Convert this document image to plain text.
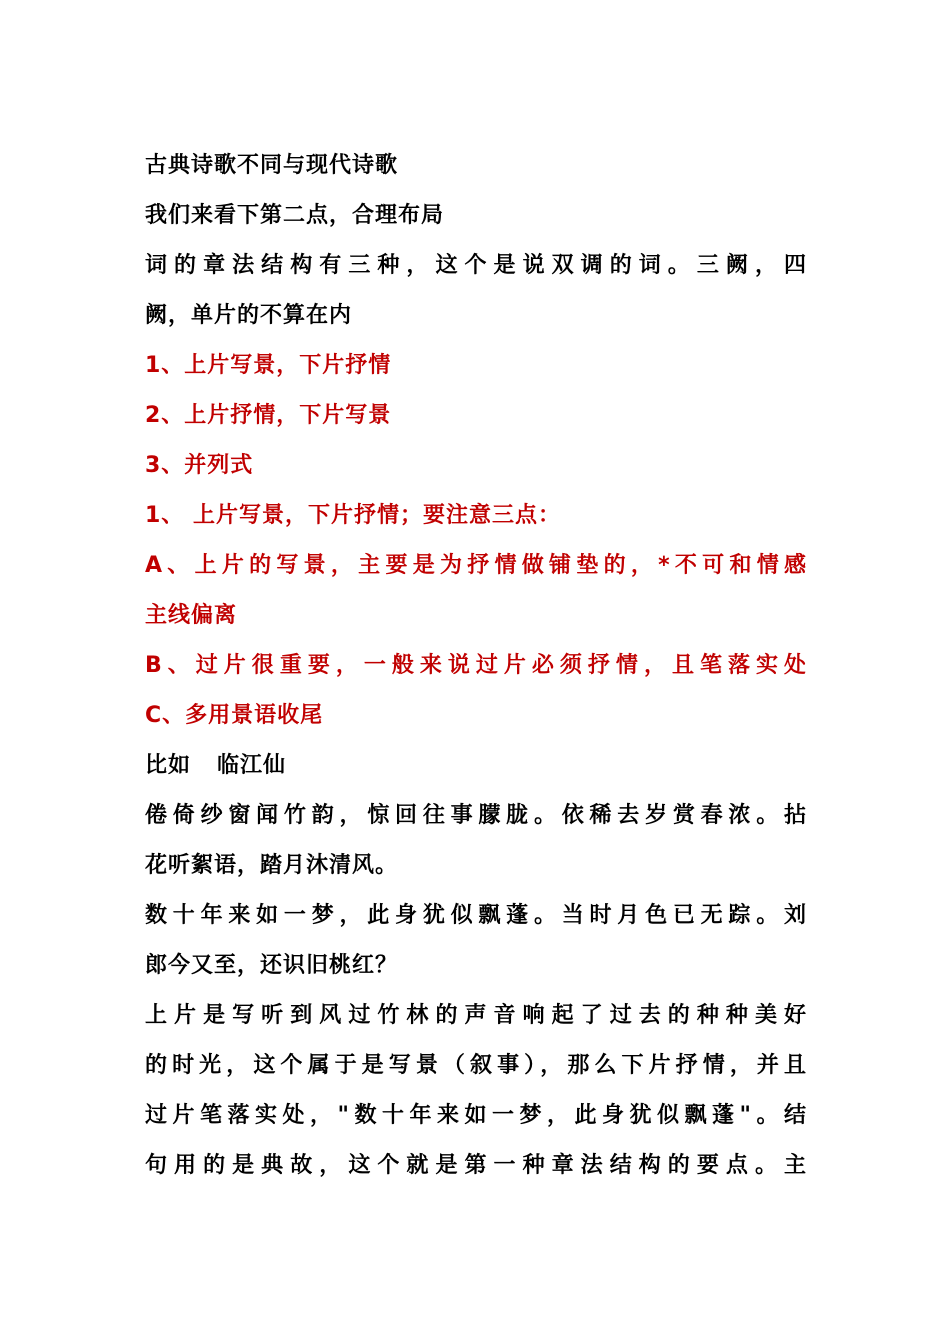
古典诗歌不同与现代诗歌
我们来看下第二点，合理布局
词的章法结构有三种，这个是说双调的词。三阙，四
阙，单片的不算在内
1、上片写景，下片抒情
2、上片抒情，下片写景
3、并列式
1、 上片写景，下片抒情；要注意三点：
A、上片的写景，主要是为抒情做铺垫的，*不可和情感
主线偏离
B、过片很重要，一般来说过片必须抒情，且笔落实处
C、多用景语收尾
比如   临江仙
倦倚纱窗闻竹韵，惊回往事朦胧。依稀去岁赏春浓。拈
花听絮语，踏月沐清风。
数十年来如一梦，此身犹似飘蓬。当时月色已无踪。刘
郎今又至，还识旧桃红？
上片是写听到风过竹林的声音响起了过去的种种美好
的时光，这个属于是写景（叙事），那么下片抒情，并且
过片笔落实处，"数十年来如一梦，此身犹似飘蓬"。结
句用的是典故，这个就是第一种章法结构的要点。主
